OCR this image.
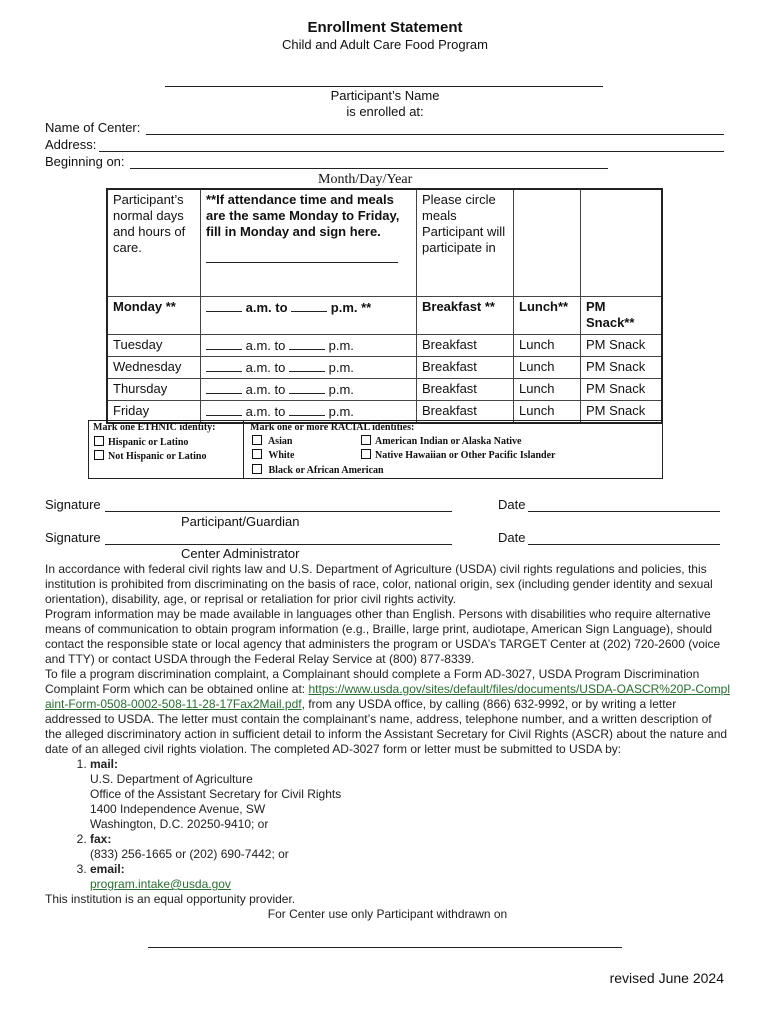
Enrollment Statement
Child and Adult Care Food Program
Participant’s Name
is enrolled at:
Name of Center:
Address:
Beginning on:
Month/Day/Year
Participant’s normal days and hours of care.	**If attendance time and meals are the same Monday to Friday, fill in Monday and sign here.	Please circle meals Participant will participate in		
Monday **	a.m. to p.m. **	Breakfast **	Lunch**	PM Snack**
Tuesday	a.m. to p.m.	Breakfast	Lunch	PM Snack
Wednesday	a.m. to p.m.	Breakfast	Lunch	PM Snack
Thursday	a.m. to p.m.	Breakfast	Lunch	PM Snack
Friday	a.m. to p.m.	Breakfast	Lunch	PM Snack
Mark one ETHNIC identity:
Hispanic or Latino
Not Hispanic or Latino
Mark one or more RACIAL identities:
Asian	American Indian or Alaska Native
White	Native Hawaiian or Other Pacific Islander
Black or African American
Signature	Date
Participant/Guardian
Signature	Date
Center Administrator

In accordance with federal civil rights law and U.S. Department of Agriculture (USDA) civil rights regulations and policies, this institution is prohibited from discriminating on the basis of race, color, national origin, sex (including gender identity and sexual orientation), disability, age, or reprisal or retaliation for prior civil rights activity.

Program information may be made available in languages other than English. Persons with disabilities who require alternative means of communication to obtain program information (e.g., Braille, large print, audiotape, American Sign Language), should contact the responsible state or local agency that administers the program or USDA’s TARGET Center at (202) 720-2600 (voice and TTY) or contact USDA through the Federal Relay Service at (800) 877-8339.

To file a program discrimination complaint, a Complainant should complete a Form AD-3027, USDA Program Discrimination Complaint Form which can be obtained online at: https://www.usda.gov/sites/default/files/documents/USDA-OASCR%20P-Complaint-Form-0508-0002-508-11-28-17Fax2Mail.pdf, from any USDA office, by calling (866) 632-9992, or by writing a letter addressed to USDA. The letter must contain the complainant’s name, address, telephone number, and a written description of the alleged discriminatory action in sufficient detail to inform the Assistant Secretary for Civil Rights (ASCR) about the nature and date of an alleged civil rights violation. The completed AD-3027 form or letter must be submitted to USDA by:

1. mail:
U.S. Department of Agriculture
Office of the Assistant Secretary for Civil Rights
1400 Independence Avenue, SW
Washington, D.C. 20250-9410; or
2. fax:
(833) 256-1665 or (202) 690-7442; or
3. email:
program.intake@usda.gov

This institution is an equal opportunity provider.

For Center use only Participant withdrawn on

revised June 2024
